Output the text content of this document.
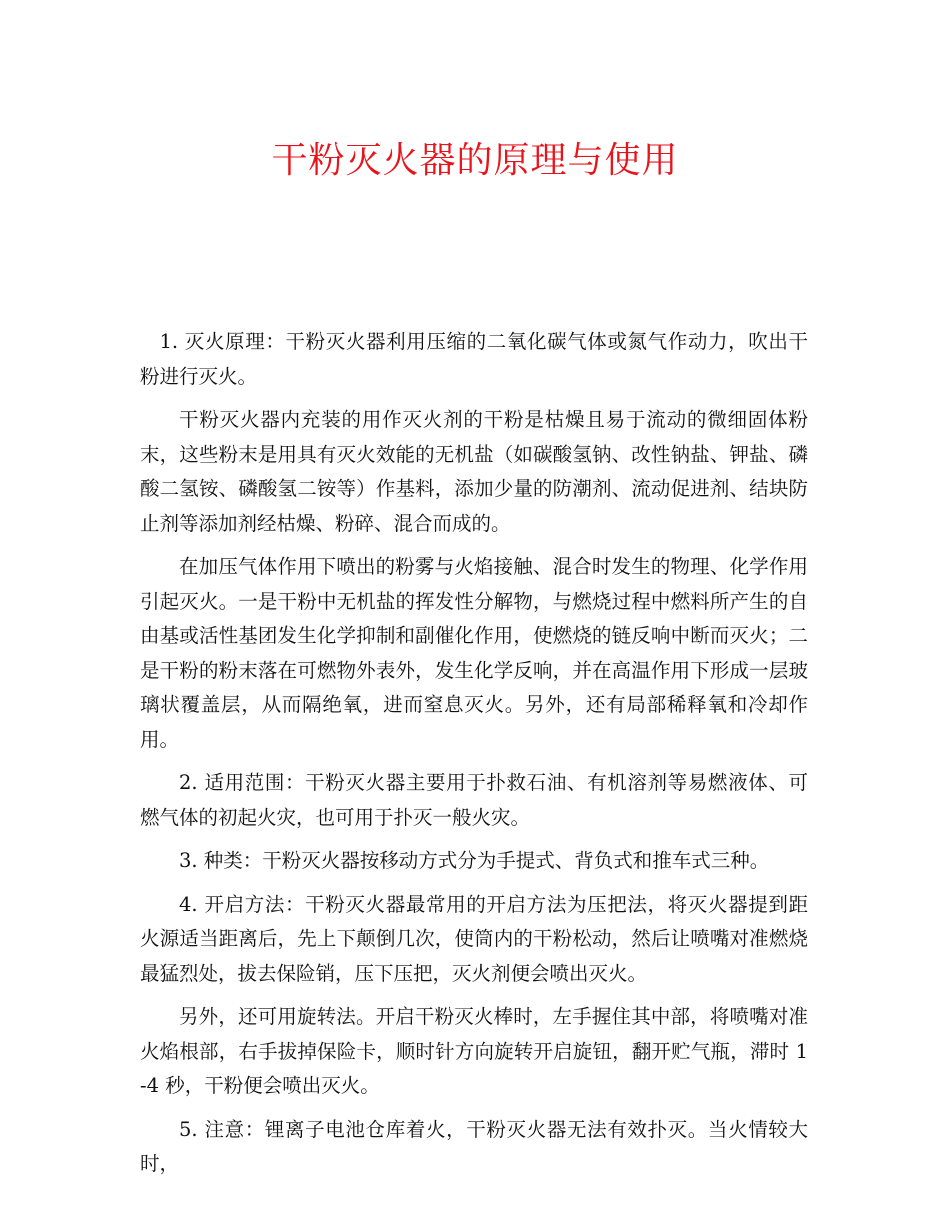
干粉灭火器的原理与使用

1. 灭火原理：干粉灭火器利用压缩的二氧化碳气体或氮气作动力，吹出干粉进行灭火。

干粉灭火器内充装的用作灭火剂的干粉是枯燥且易于流动的微细固体粉末，这些粉末是用具有灭火效能的无机盐（如碳酸氢钠、改性钠盐、钾盐、磷酸二氢铵、磷酸氢二铵等）作基料，添加少量的防潮剂、流动促进剂、结块防止剂等添加剂经枯燥、粉碎、混合而成的。

在加压气体作用下喷出的粉雾与火焰接触、混合时发生的物理、化学作用引起灭火。一是干粉中无机盐的挥发性分解物，与燃烧过程中燃料所产生的自由基或活性基团发生化学抑制和副催化作用，使燃烧的链反响中断而灭火；二是干粉的粉末落在可燃物外表外，发生化学反响，并在高温作用下形成一层玻璃状覆盖层，从而隔绝氧，进而窒息灭火。另外，还有局部稀释氧和冷却作用。

2. 适用范围：干粉灭火器主要用于扑救石油、有机溶剂等易燃液体、可燃气体的初起火灾，也可用于扑灭一般火灾。

3. 种类：干粉灭火器按移动方式分为手提式、背负式和推车式三种。

4. 开启方法：干粉灭火器最常用的开启方法为压把法，将灭火器提到距火源适当距离后，先上下颠倒几次，使筒内的干粉松动，然后让喷嘴对准燃烧最猛烈处，拔去保险销，压下压把，灭火剂便会喷出灭火。

另外，还可用旋转法。开启干粉灭火棒时，左手握住其中部，将喷嘴对准火焰根部，右手拔掉保险卡，顺时针方向旋转开启旋钮，翻开贮气瓶，滞时 1-4 秒，干粉便会喷出灭火。

5. 注意：锂离子电池仓库着火，干粉灭火器无法有效扑灭。当火情较大时，
